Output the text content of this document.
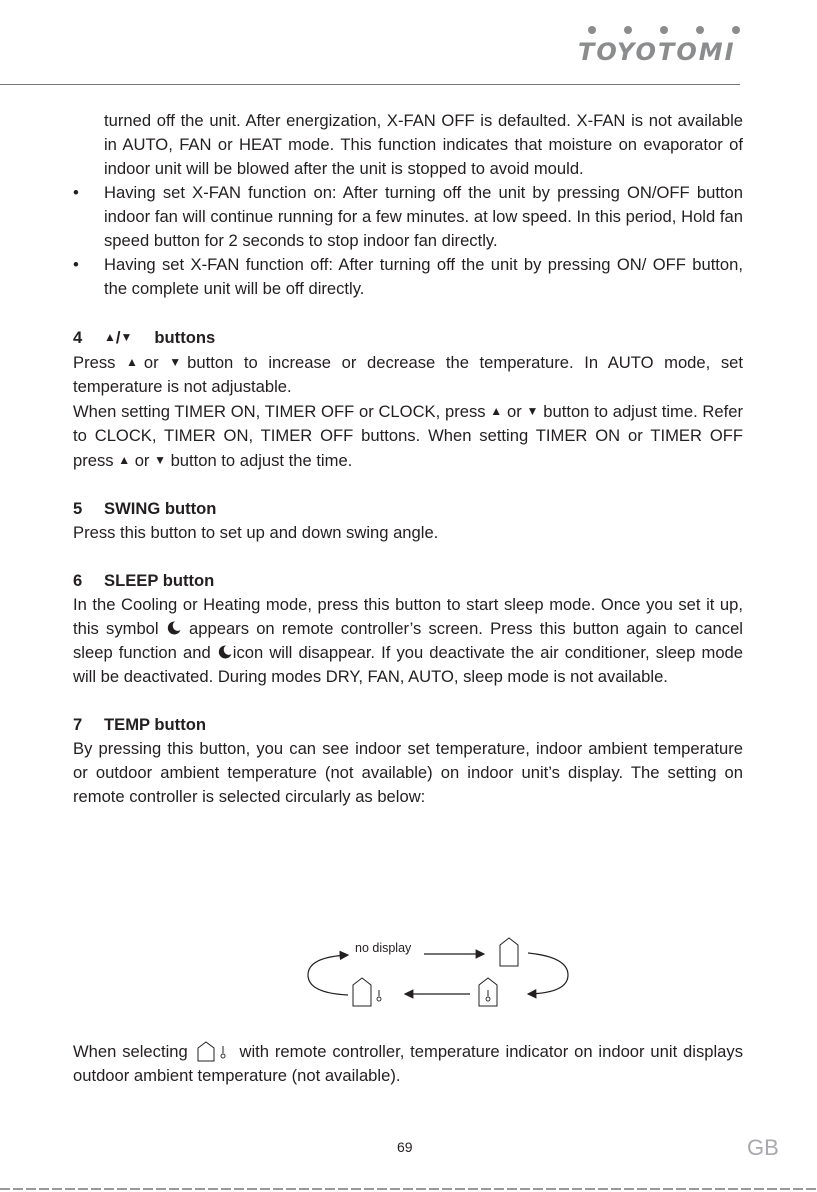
TOYOTOMI

turned off the unit. After energization, X-FAN OFF is defaulted. X-FAN is not available in AUTO, FAN or HEAT mode. This function indicates that moisture on evaporator of indoor unit will be blowed after the unit is stopped to avoid mould.

• Having set X-FAN function on: After turning off the unit by pressing ON/OFF button indoor fan will continue running for a few minutes. at low speed. In this period, Hold fan speed button for 2 seconds to stop indoor fan directly.

• Having set X-FAN function off: After turning off the unit by pressing ON/ OFF button, the complete unit will be off directly.

4 ▲/▼ buttons

Press ▲or ▼button to increase or decrease the temperature. In AUTO mode, set temperature is not adjustable.

When setting TIMER ON, TIMER OFF or CLOCK, press ▲ or ▼ button to adjust time. Refer to CLOCK, TIMER ON, TIMER OFF buttons. When setting TIMER ON or TIMER OFF press ▲ or ▼ button to adjust the time.

5 SWING button

Press this button to set up and down swing angle.

6 SLEEP button

In the Cooling or Heating mode, press this button to start sleep mode. Once you set it up, this symbol  appears on remote controller’s screen. Press this button again to cancel sleep function and icon will disappear. If you deactivate the air conditioner, sleep mode will be deactivated. During modes DRY, FAN, AUTO, sleep mode is not available.

7 TEMP button

By pressing this button, you can see indoor set temperature, indoor ambient temperature or outdoor ambient temperature (not available) on indoor unit’s display. The setting on remote controller is selected circularly as below:

no display

When selecting  with remote controller, temperature indicator on indoor unit displays outdoor ambient temperature (not available).

69	GB
